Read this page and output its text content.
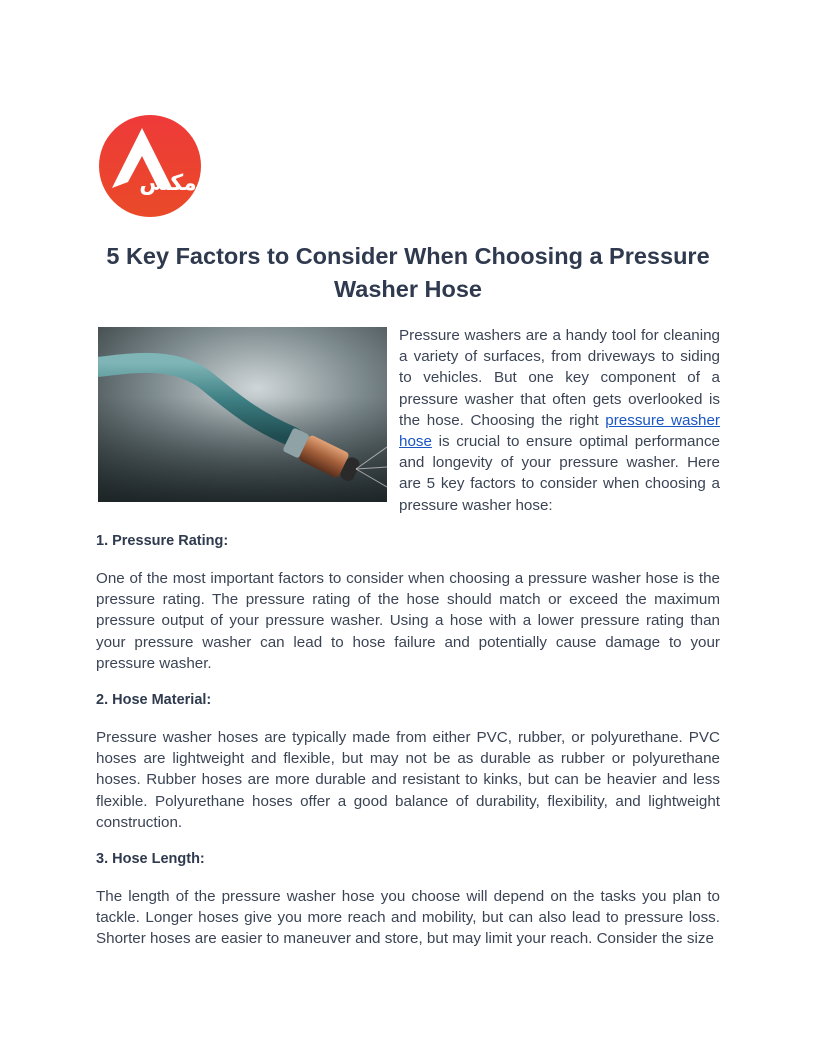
مكس
5 Key Factors to Consider When Choosing a Pressure Washer Hose

Pressure washers are a handy tool for cleaning a variety of surfaces, from driveways to siding to vehicles. But one key component of a pressure washer that often gets overlooked is the hose. Choosing the right pressure washer hose is crucial to ensure optimal performance and longevity of your pressure washer. Here are 5 key factors to consider when choosing a pressure washer hose:

1. Pressure Rating:

One of the most important factors to consider when choosing a pressure washer hose is the pressure rating. The pressure rating of the hose should match or exceed the maximum pressure output of your pressure washer. Using a hose with a lower pressure rating than your pressure washer can lead to hose failure and potentially cause damage to your pressure washer.

2. Hose Material:

Pressure washer hoses are typically made from either PVC, rubber, or polyurethane. PVC hoses are lightweight and flexible, but may not be as durable as rubber or polyurethane hoses. Rubber hoses are more durable and resistant to kinks, but can be heavier and less flexible. Polyurethane hoses offer a good balance of durability, flexibility, and lightweight construction.

3. Hose Length:

The length of the pressure washer hose you choose will depend on the tasks you plan to tackle. Longer hoses give you more reach and mobility, but can also lead to pressure loss. Shorter hoses are easier to maneuver and store, but may limit your reach. Consider the size
